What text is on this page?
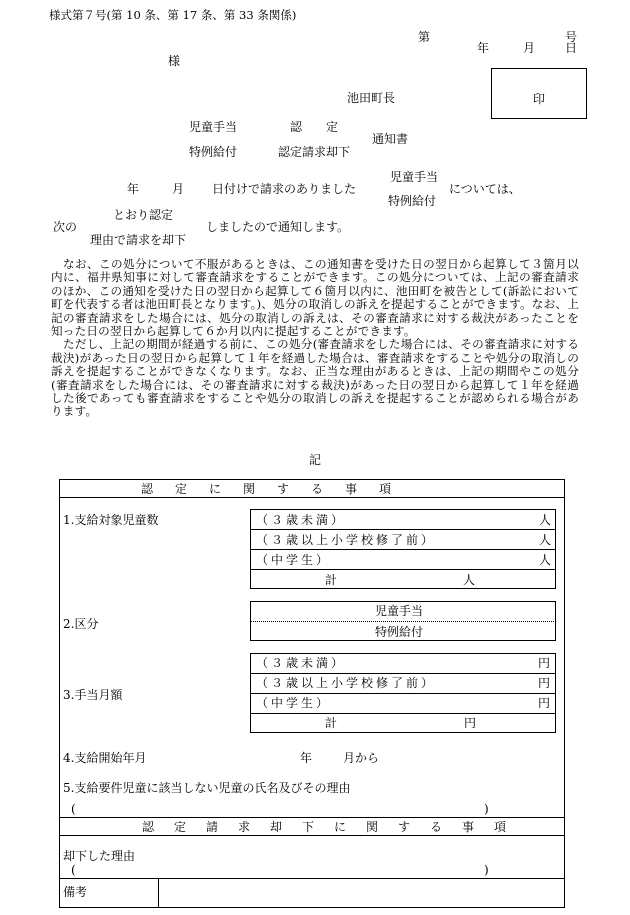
様式第７号(第 10 条、第 17 条、第 33 条関係)
第	号
年	月 日
様
池田町長	印
児童手当	認　　定
通知書
特例給付	認定請求却下
児童手当
年	月 日付けで請求のありました	については、
特例給付
とおり認定
次の	しましたので通知します。
理由で請求を却下

なお、この処分について不服があるときは、この通知書を受けた日の翌日から起算して３箇月以内に、福井県知事に対して審査請求をすることができます。この処分については、上記の審査請求のほか、この通知を受けた日の翌日から起算して６箇月以内に、池田町を被告として(訴訟において町を代表する者は池田町長となります。)、処分の取消しの訴えを提起することができます。なお、上記の審査請求をした場合には、処分の取消しの訴えは、その審査請求に対する裁決があったことを知った日の翌日から起算して６か月以内に提起することができます。

ただし、上記の期間が経過する前に、この処分(審査請求をした場合には、その審査請求に対する裁決)があった日の翌日から起算して１年を経過した場合は、審査請求をすることや処分の取消しの訴えを提起することができなくなります。なお、正当な理由があるときは、上記の期間やこの処分(審査請求をした場合には、その審査請求に対する裁決)があった日の翌日から起算して１年を経過した後であっても審査請求をすることや処分の取消しの訴えを提起することが認められる場合があります。

記
認定に関する事項
1.支給対象児童数	（３歳未満）	人
（３歳以上小学校修了前）	人
（中学生）	人
計	人
2.区分
児童手当
特例給付
3.手当月額
（３歳未満）	円
（３歳以上小学校修了前）	円
（中学生）	円
計	円
4.支給開始年月	年	月から
5.支給要件児童に該当しない児童の氏名及びその理由
(	)
認定請求却下に関する事項
却下した理由
(	)
備考
